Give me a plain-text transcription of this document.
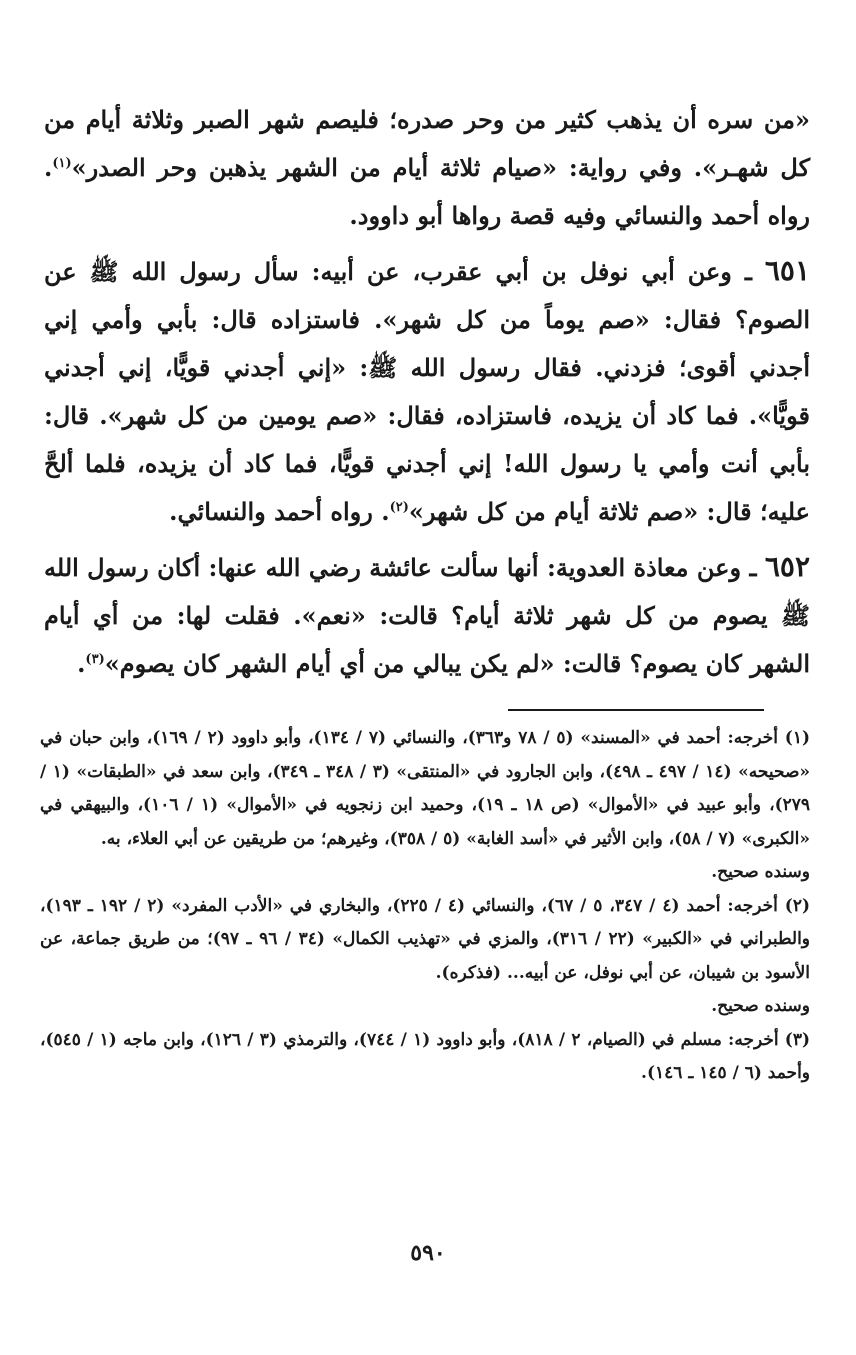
«من سره أن يذهب كثير من وحر صدره؛ فليصم شهر الصبر وثلاثة أيام من كل شهـر». وفي رواية: «صيام ثلاثة أيام من الشهر يذهبن وحر الصدر»$^{(١)}$. رواه أحمد والنسائي وفيه قصة رواها أبو داوود.

٦٥١ ـ وعن أبي نوفل بن أبي عقرب، عن أبيه: سأل رسول الله ﷺ عن الصوم؟ فقال: «صم يوماً من كل شهر». فاستزاده قال: بأبي وأمي إني أجدني أقوى؛ فزدني. فقال رسول الله ﷺ: «إني أجدني قويًّا، إني أجدني قويًّا». فما كاد أن يزيده، فاستزاده، فقال: «صم يومين من كل شهر». قال: بأبي أنت وأمي يا رسول الله! إني أجدني قويًّا، فما كاد أن يزيده، فلما ألحَّ عليه؛ قال: «صم ثلاثة أيام من كل شهر»$^{(٢)}$. رواه أحمد والنسائي.

٦٥٢ ـ وعن معاذة العدوية: أنها سألت عائشة رضي الله عنها: أكان رسول الله ﷺ يصوم من كل شهر ثلاثة أيام؟ قالت: «نعم». فقلت لها: من أي أيام الشهر كان يصوم؟ قالت: «لم يكن يبالي من أي أيام الشهر كان يصوم»$^{(٣)}$.

(١) أخرجه: أحمد في «المسند» (٥ / ٧٨ و٣٦٣)، والنسائي (٧ / ١٣٤)، وأبو داوود (٢ / ١٦٩)، وابن حبان في «صحيحه» (١٤ / ٤٩٧ ـ ٤٩٨)، وابن الجارود في «المنتقى» (٣ / ٣٤٨ ـ ٣٤٩)، وابن سعد في «الطبقات» (١ / ٢٧٩)، وأبو عبيد في «الأموال» (ص ١٨ ـ ١٩)، وحميد ابن زنجويه في «الأموال» (١ / ١٠٦)، والبيهقي في «الكبرى» (٧ / ٥٨)، وابن الأثير في «أسد الغابة» (٥ / ٣٥٨)، وغيرهم؛ من طريقين عن أبي العلاء، به.

وسنده صحيح.

(٢) أخرجه: أحمد (٤ / ٣٤٧، ٥ / ٦٧)، والنسائي (٤ / ٢٢٥)، والبخاري في «الأدب المفرد» (٢ / ١٩٢ ـ ١٩٣)، والطبراني في «الكبير» (٢٢ / ٣١٦)، والمزي في «تهذيب الكمال» (٣٤ / ٩٦ ـ ٩٧)؛ من طريق جماعة، عن الأسود بن شيبان، عن أبي نوفل، عن أبيه... (فذكره).

وسنده صحيح.

(٣) أخرجه: مسلم في (الصيام، ٢ / ٨١٨)، وأبو داوود (١ / ٧٤٤)، والترمذي (٣ / ١٢٦)، وابن ماجه (١ / ٥٤٥)، وأحمد (٦ / ١٤٥ ـ ١٤٦).

٥٩٠
